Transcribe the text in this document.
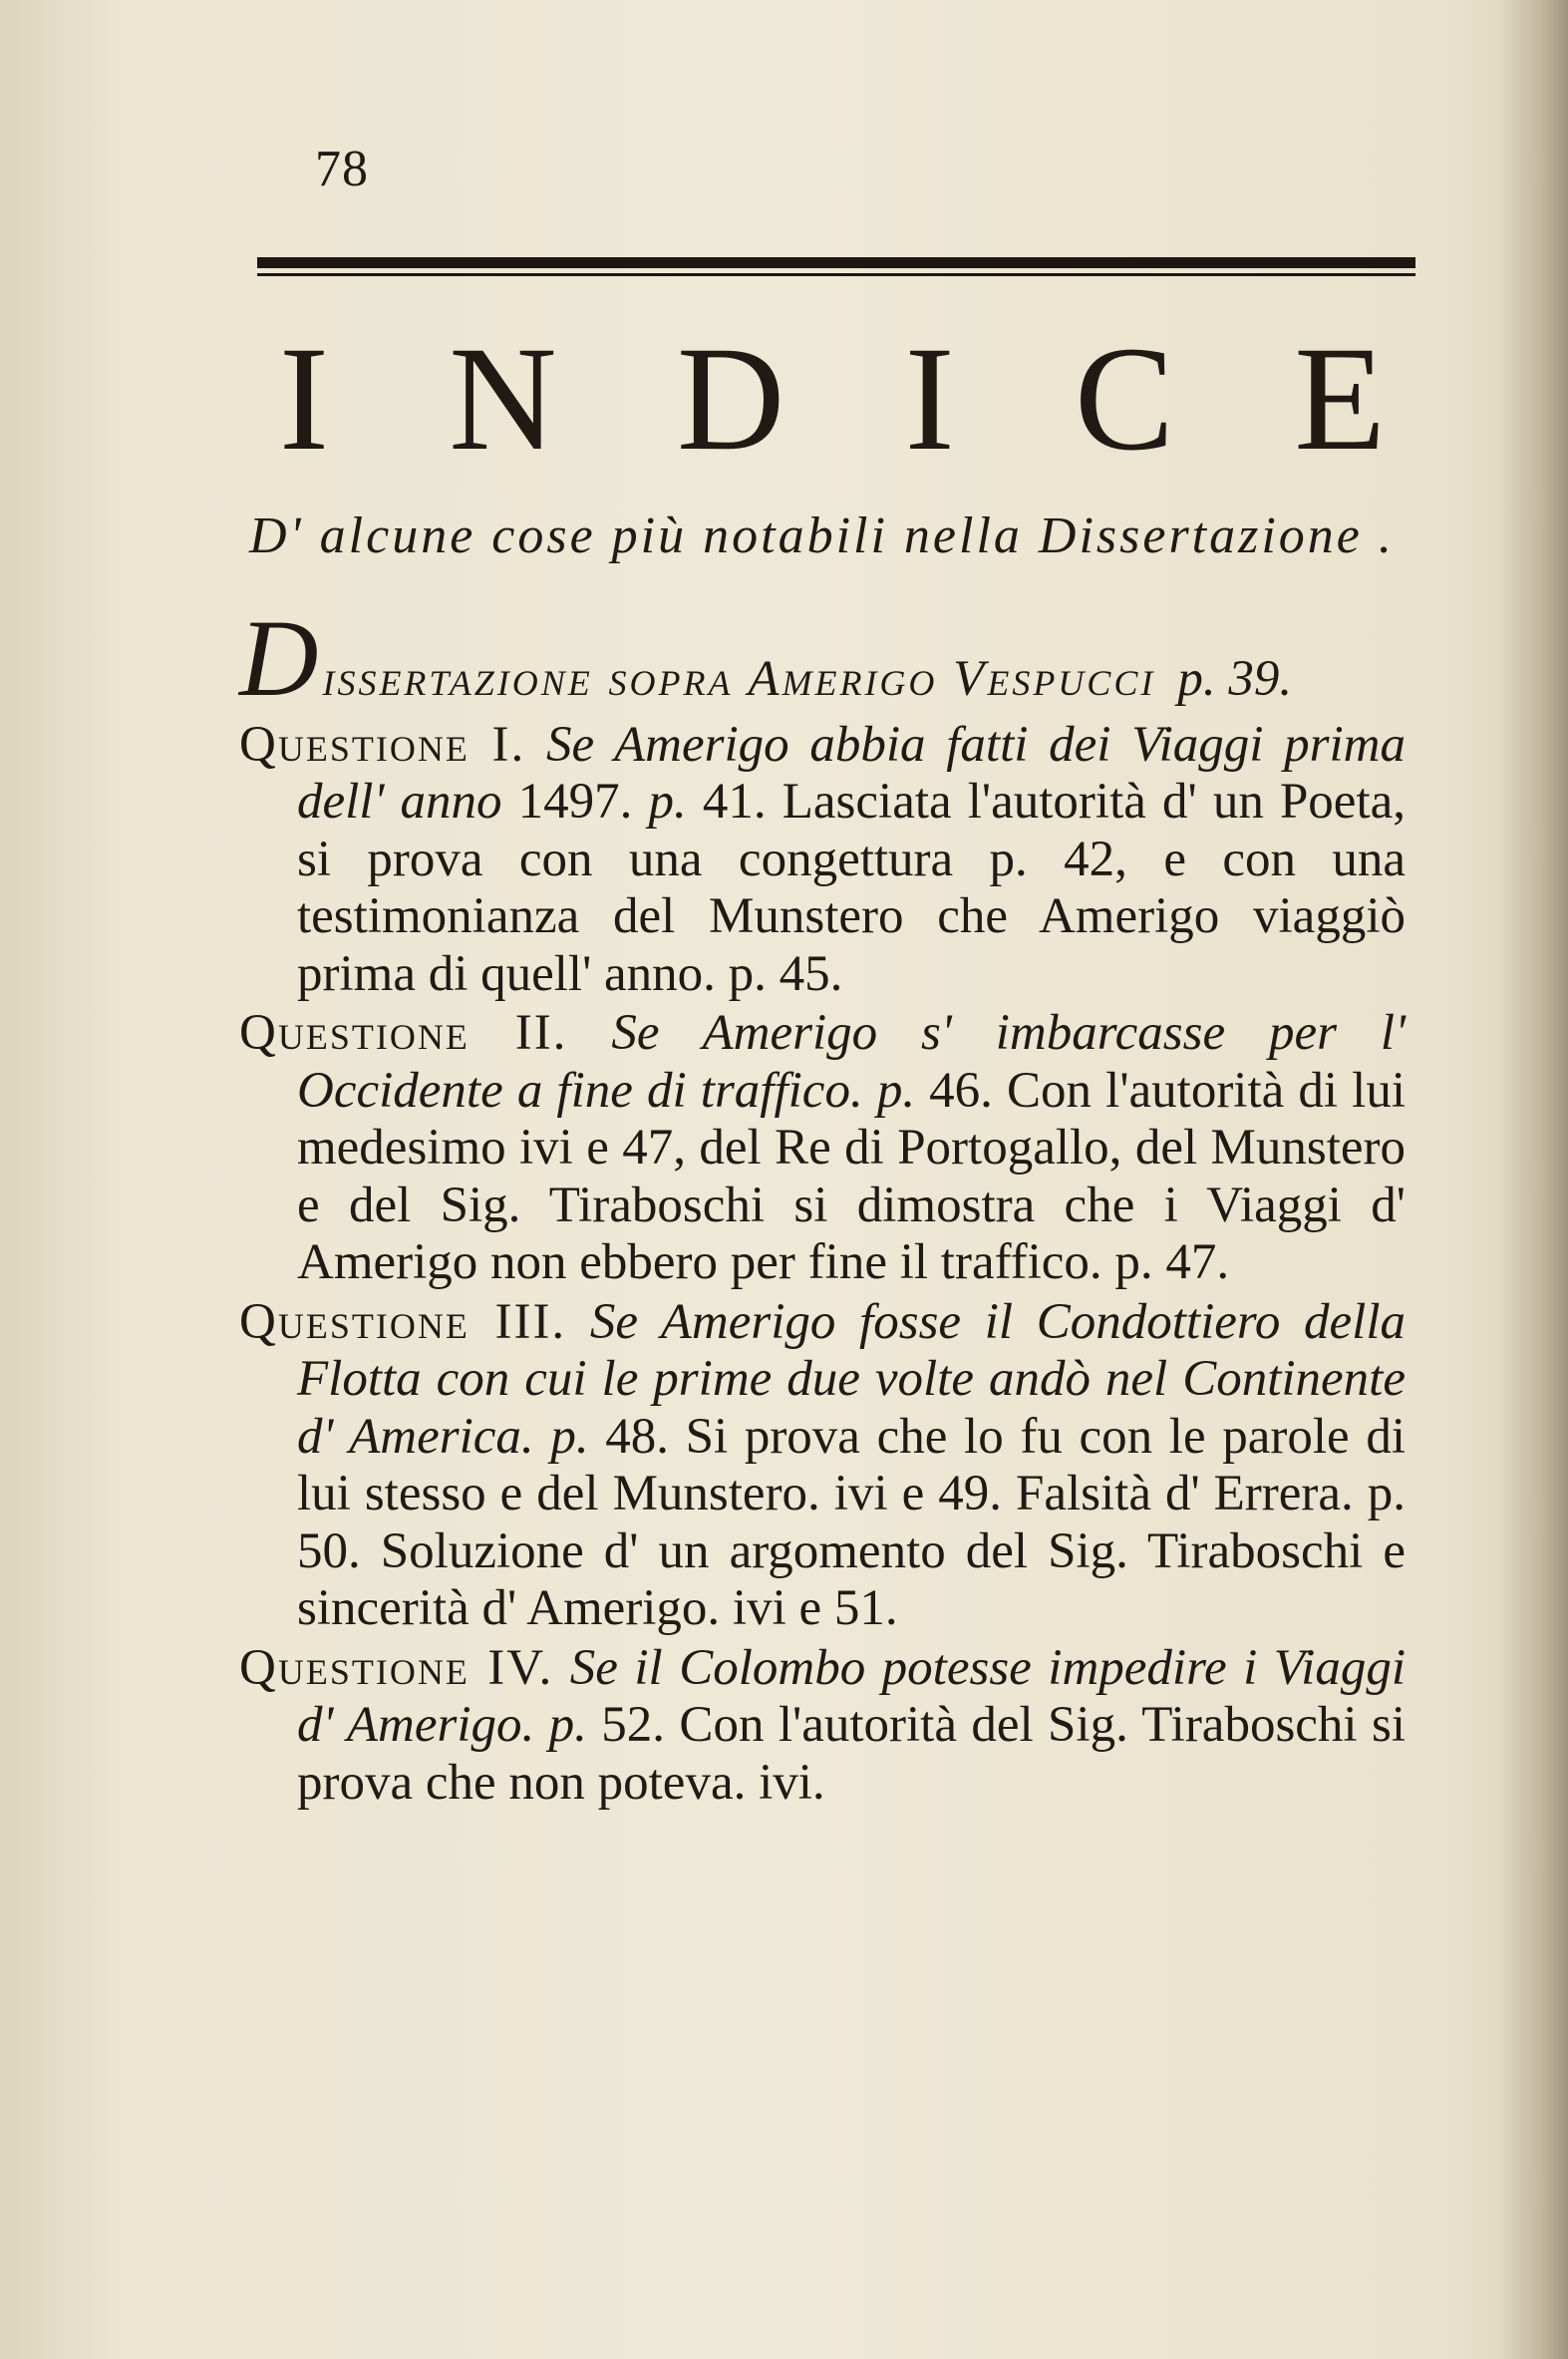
78
I N D I C E
D' alcune cose più notabili nella Dissertazione .
D issertazione sopra Amerigo Vespucci p. 39.

Questione I. Se Amerigo abbia fatti dei Viaggi prima dell' anno 1497. p. 41. Lasciata l'autorità d' un Poeta, si prova con una congettura p. 42, e con una testimonianza del Munstero che Amerigo viaggiò prima di quell' anno. p. 45.

Questione II. Se Amerigo s' imbarcasse per l' Occidente a fine di traffico. p. 46. Con l'autorità di lui medesimo ivi e 47, del Re di Portogallo, del Munstero e del Sig. Tiraboschi si dimostra che i Viaggi d' Amerigo non ebbero per fine il traffico. p. 47.

Questione III. Se Amerigo fosse il Condottiero della Flotta con cui le prime due volte andò nel Continente d' America. p. 48. Si prova che lo fu con le parole di lui stesso e del Munstero. ivi e 49. Falsità d' Errera. p. 50. Soluzione d' un argomento del Sig. Tiraboschi e sincerità d' Amerigo. ivi e 51.

Questione IV. Se il Colombo potesse impedire i Viaggi d' Amerigo. p. 52. Con l'autorità del Sig. Tiraboschi si prova che non poteva. ivi.
